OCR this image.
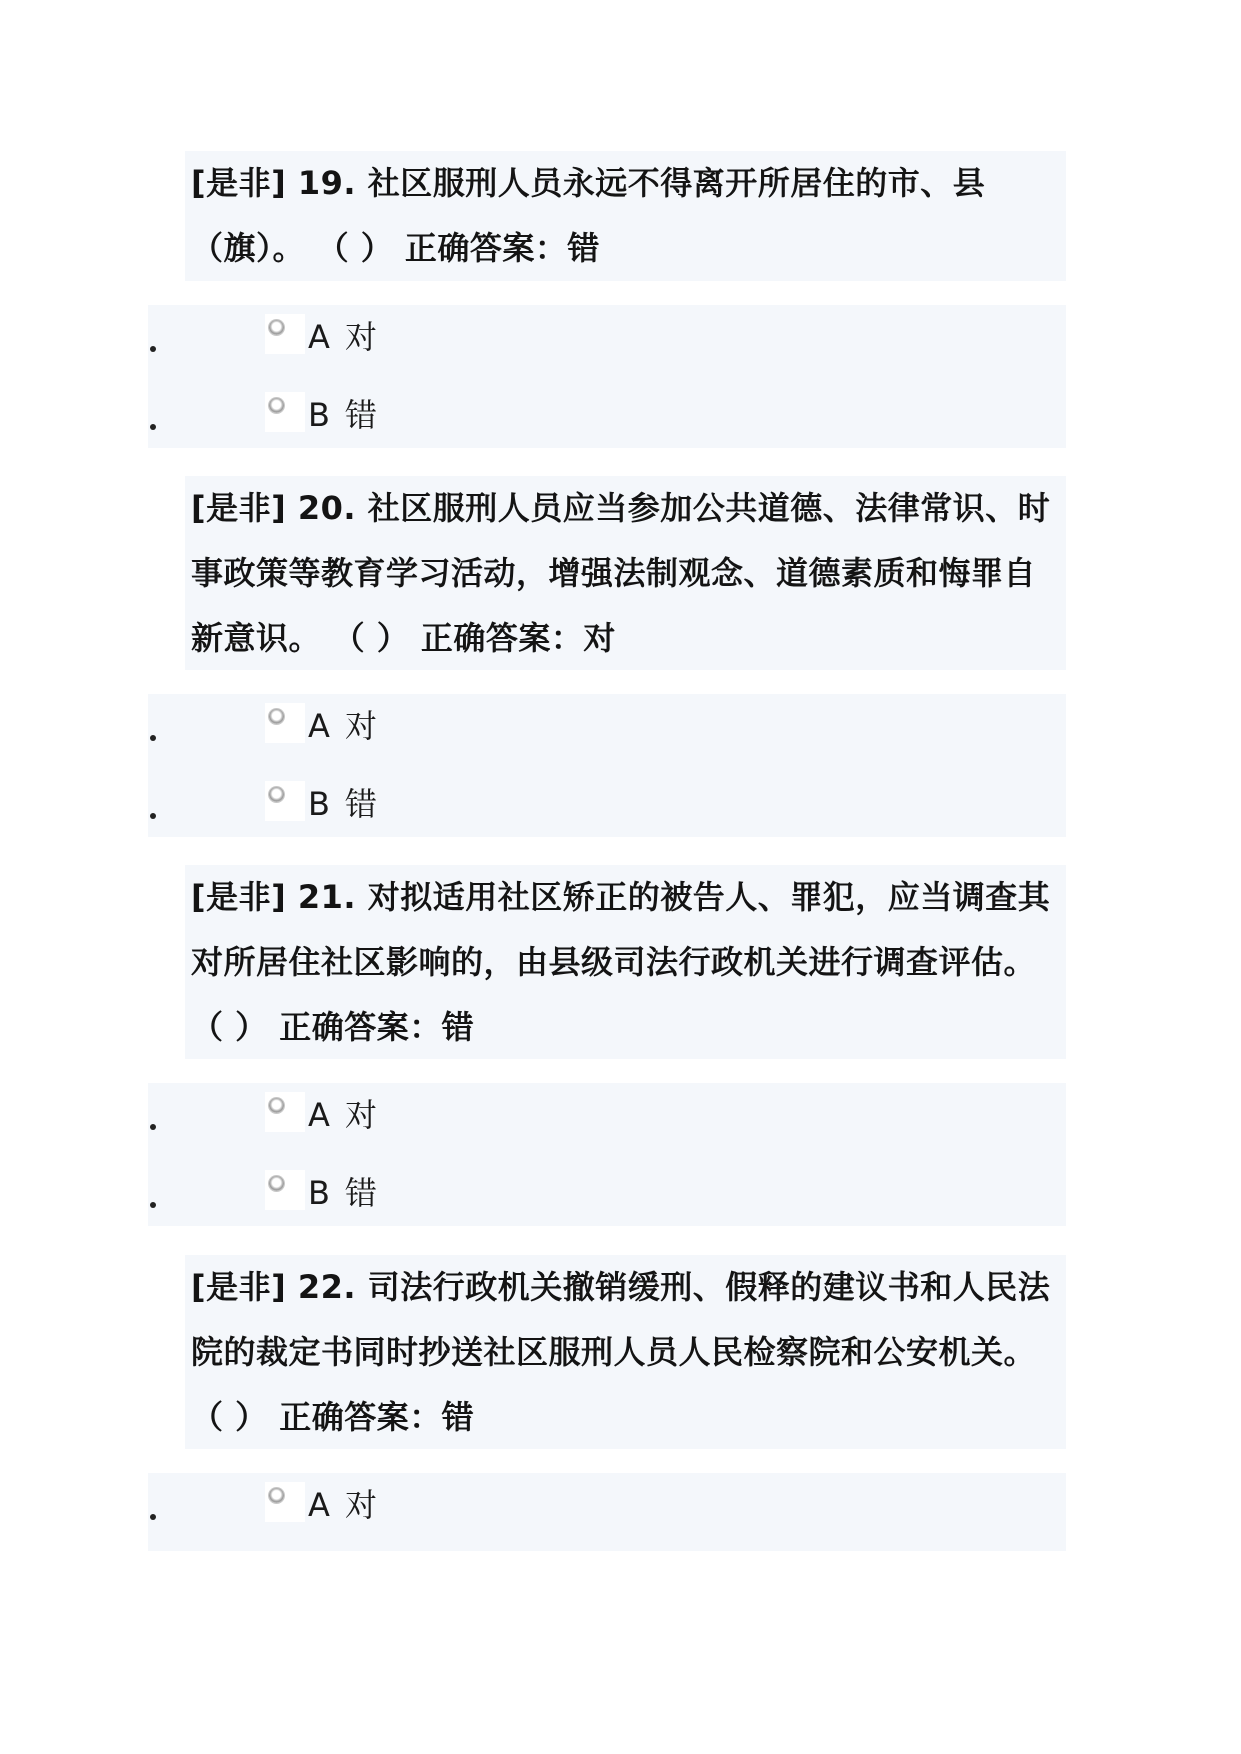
[是非] 19. 社区服刑人员永远不得离开所居住的市、县
（旗）。 （ ） 正确答案：错
A 对
B 错
[是非] 20. 社区服刑人员应当参加公共道德、法律常识、时
事政策等教育学习活动，增强法制观念、道德素质和悔罪自
新意识。 （ ） 正确答案：对
A 对
B 错
[是非] 21. 对拟适用社区矫正的被告人、罪犯，应当调查其
对所居住社区影响的，由县级司法行政机关进行调查评估。
（ ） 正确答案：错
A 对
B 错
[是非] 22. 司法行政机关撤销缓刑、假释的建议书和人民法
院的裁定书同时抄送社区服刑人员人民检察院和公安机关。
（ ） 正确答案：错
A 对
